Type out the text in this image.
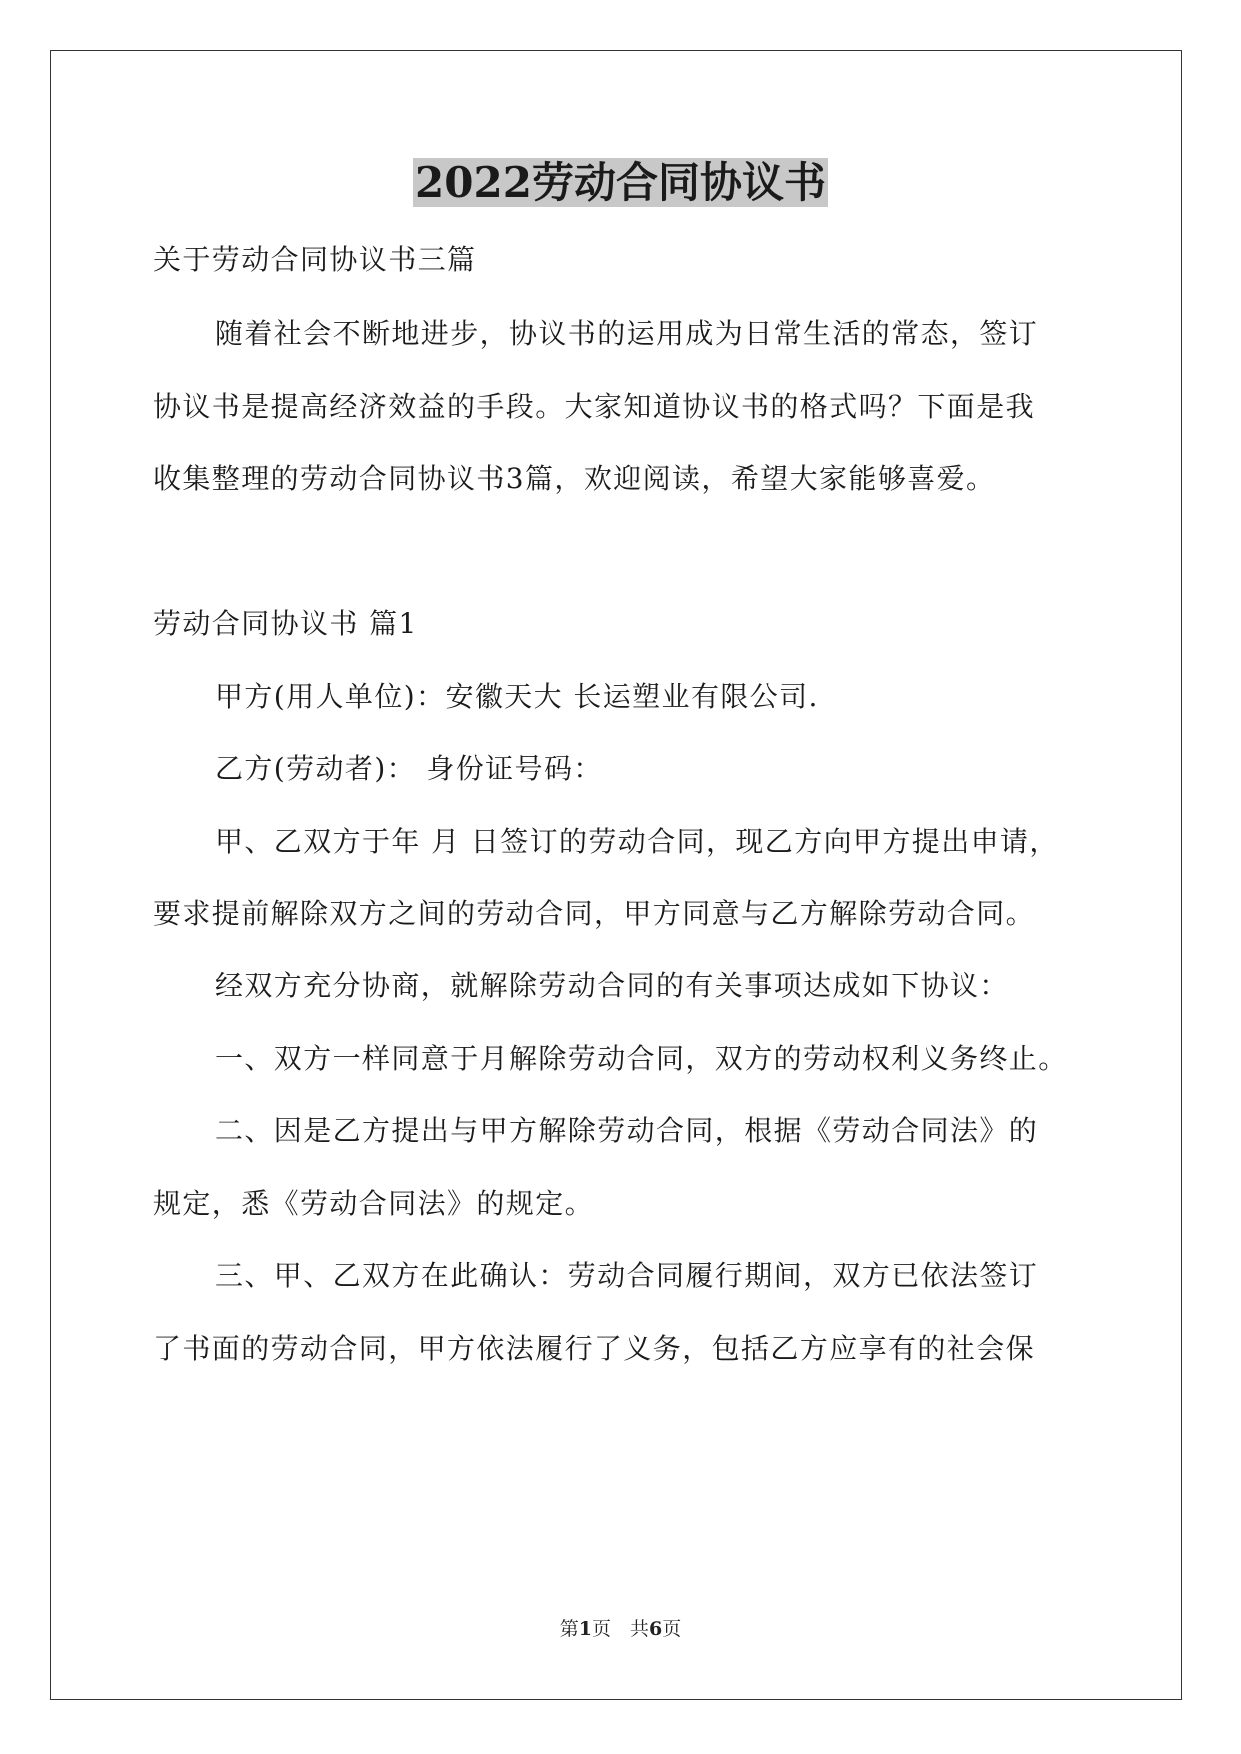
2022劳动合同协议书

关于劳动合同协议书三篇

随着社会不断地进步，协议书的运用成为日常生活的常态，签订

协议书是提高经济效益的手段。大家知道协议书的格式吗？下面是我

收集整理的劳动合同协议书3篇，欢迎阅读，希望大家能够喜爱。

劳动合同协议书 篇1

甲方(用人单位)：安徽天大 长运塑业有限公司.

乙方(劳动者)： 身份证号码：

甲、乙双方于年 月 日签订的劳动合同，现乙方向甲方提出申请，

要求提前解除双方之间的劳动合同，甲方同意与乙方解除劳动合同。

经双方充分协商，就解除劳动合同的有关事项达成如下协议：

一、双方一样同意于月解除劳动合同，双方的劳动权利义务终止。

二、因是乙方提出与甲方解除劳动合同，根据《劳动合同法》的

规定，悉《劳动合同法》的规定。

三、甲、乙双方在此确认：劳动合同履行期间，双方已依法签订

了书面的劳动合同，甲方依法履行了义务，包括乙方应享有的社会保

第1页　共6页
